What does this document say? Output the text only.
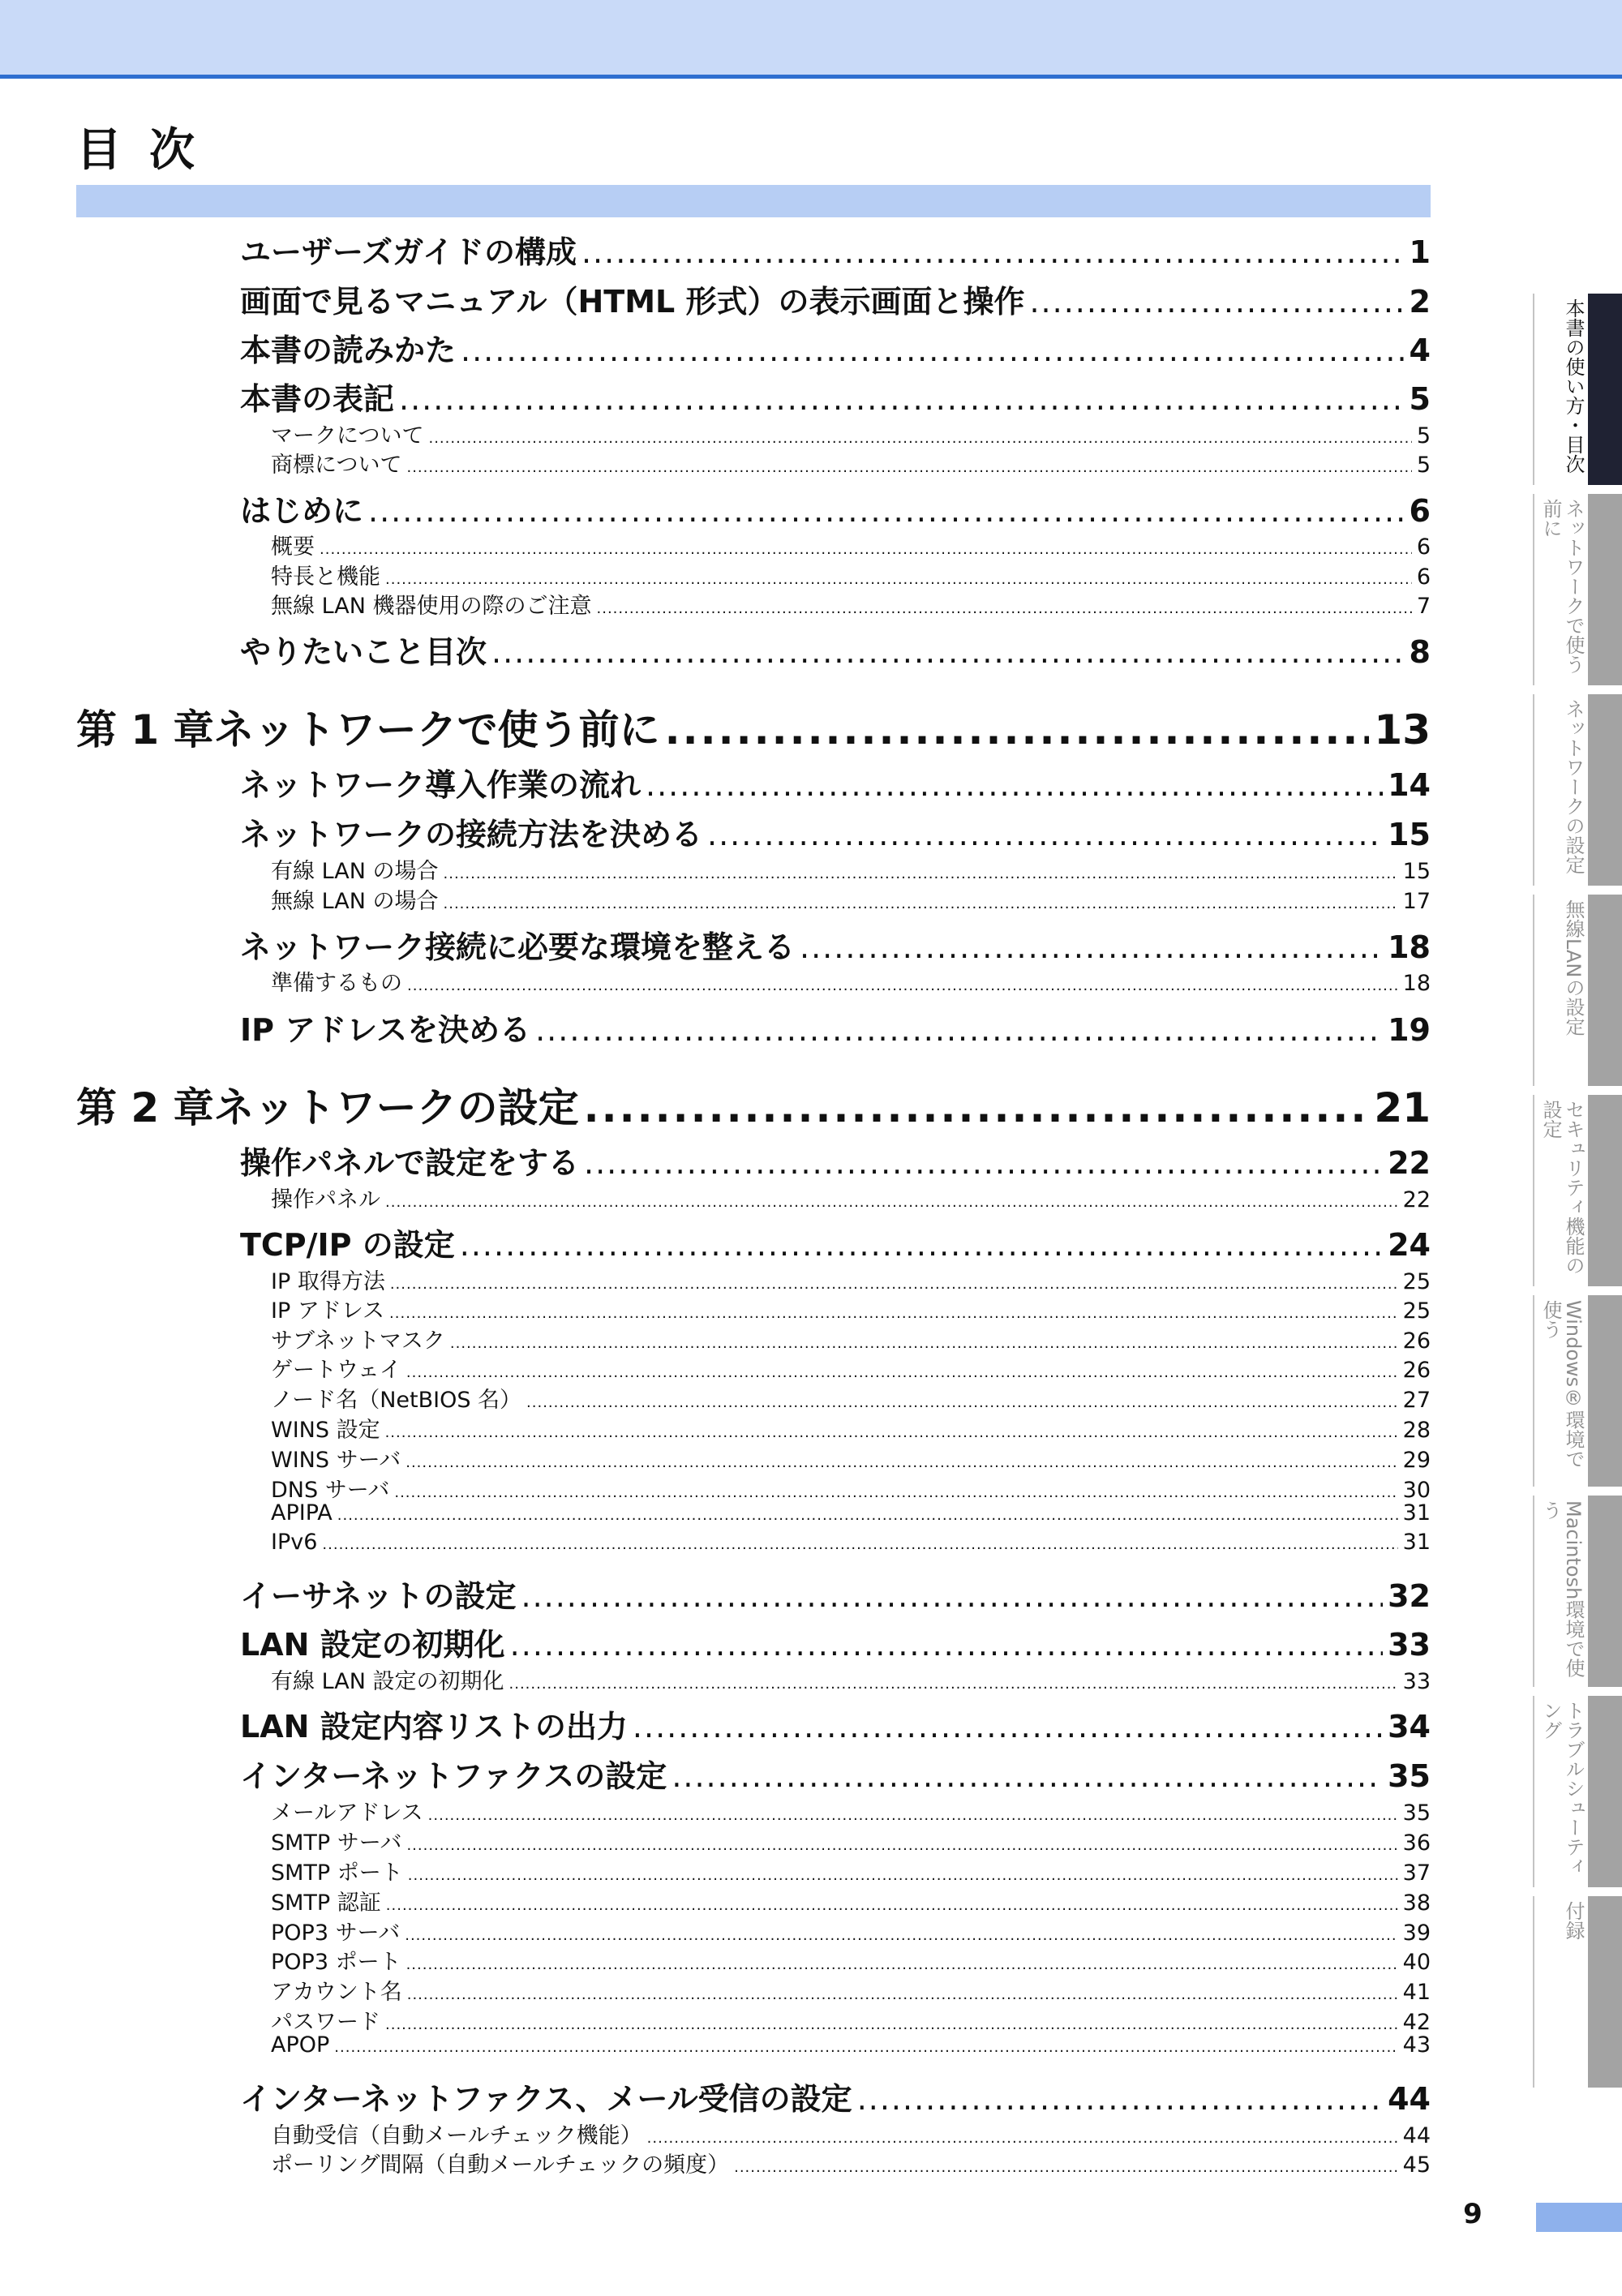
目次
ユーザーズガイドの構成 .....	1
画面で見るマニュアル（HTML 形式）の表示画面と操作 .....	2
本書の読みかた .....	4
本書の表記 .....	5
マークについて .....	5
商標について .....	5
はじめに .....	6
概要 .....	6
特長と機能 .....	6
無線 LAN 機器使用の際のご注意 .....	7
やりたいこと目次 .....	8
第 1 章 ネットワークで使う前に .....	13
ネットワーク導入作業の流れ .....	14
ネットワークの接続方法を決める .....	15
有線 LAN の場合 .....	15
無線 LAN の場合 .....	17
ネットワーク接続に必要な環境を整える .....	18
準備するもの .....	18
IP アドレスを決める .....	19
第 2 章 ネットワークの設定 .....	21
操作パネルで設定をする .....	22
操作パネル .....	22
TCP/IP の設定 .....	24
IP 取得方法 .....	25
IP アドレス .....	25
サブネットマスク .....	26
ゲートウェイ .....	26
ノード名（NetBIOS 名） .....	27
WINS 設定 .....	28
WINS サーバ .....	29
DNS サーバ .....	30
APIPA .....	31
IPv6 .....	31
イーサネットの設定 .....	32
LAN 設定の初期化 .....	33
有線 LAN 設定の初期化 .....	33
LAN 設定内容リストの出力 .....	34
インターネットファクスの設定 .....	35
メールアドレス .....	35
SMTP サーバ .....	36
SMTP ポート .....	37
SMTP 認証 .....	38
POP3 サーバ .....	39
POP3 ポート .....	40
アカウント名 .....	41
パスワード .....	42
APOP .....	43
インターネットファクス、メール受信の設定 .....	44
自動受信（自動メールチェック機能） .....	44
ポーリング間隔（自動メールチェックの頻度） .....	45
本書の使い方・目次
ネットワークで使う前に
ネットワークの設定
無線LANの設定
セキュリティ機能の設定
Windows®環境で使う
Macintosh環境で使う
トラブルシューティング
付録
9
